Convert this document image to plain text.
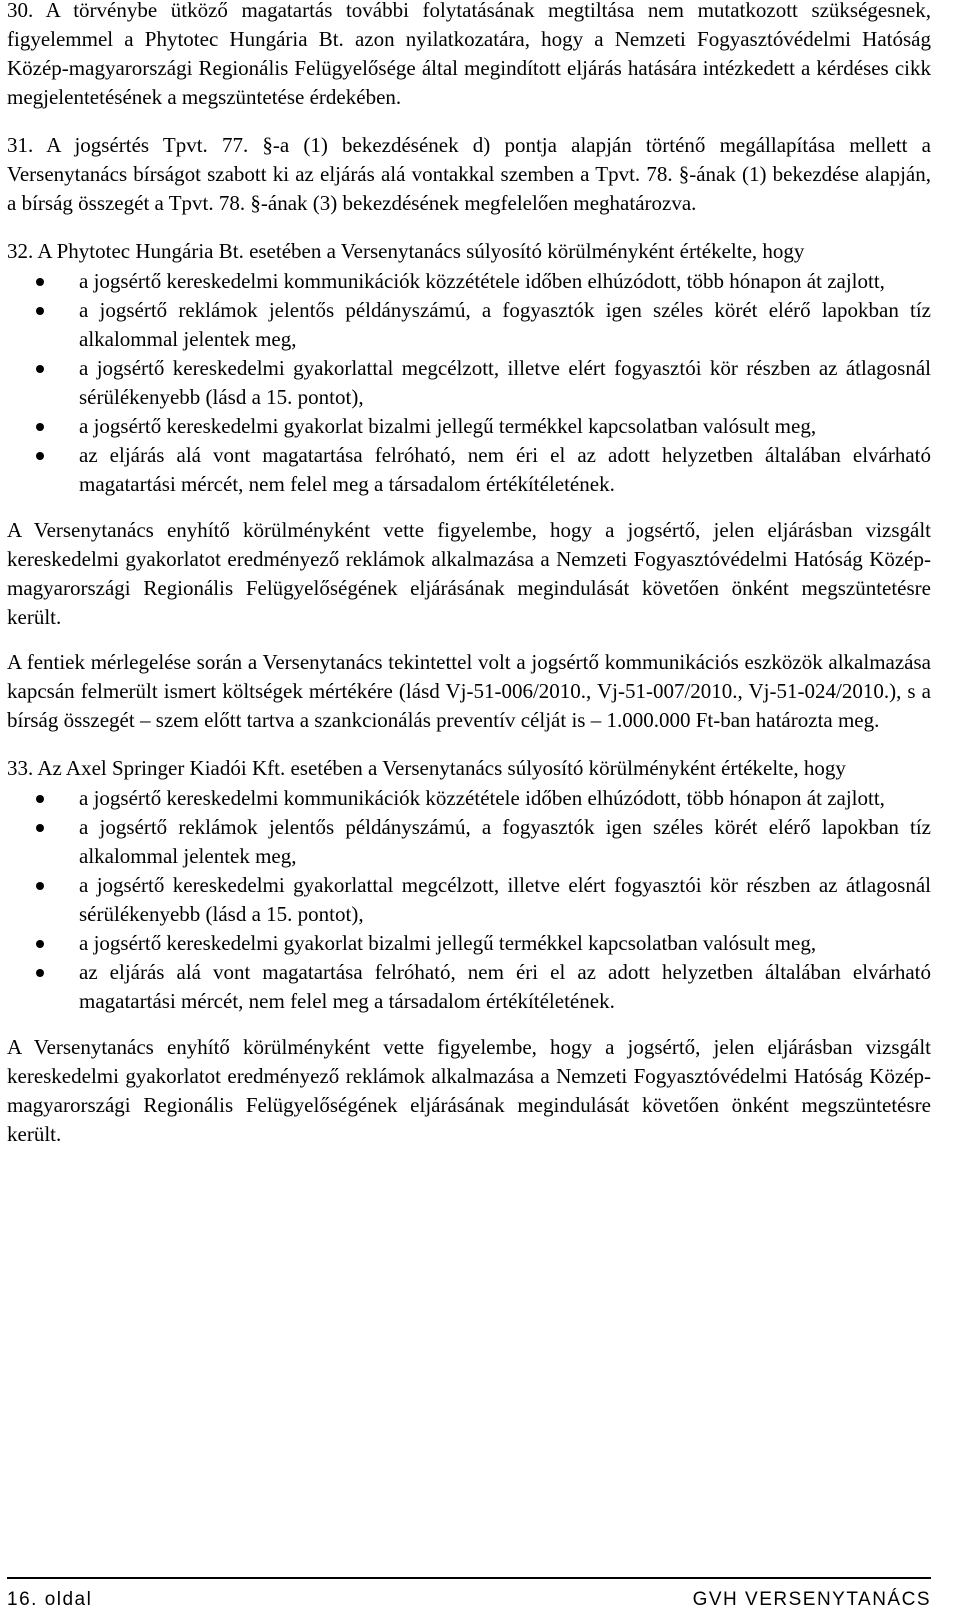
30. A törvénybe ütköző magatartás további folytatásának megtiltása nem mutatkozott szükségesnek, figyelemmel a Phytotec Hungária Bt. azon nyilatkozatára, hogy a Nemzeti Fogyasztóvédelmi Hatóság Közép-magyarországi Regionális Felügyelősége által megindított eljárás hatására intézkedett a kérdéses cikk megjelentetésének a megszüntetése érdekében.

31. A jogsértés Tpvt. 77. §-a (1) bekezdésének d) pontja alapján történő megállapítása mellett a Versenytanács bírságot szabott ki az eljárás alá vontakkal szemben a Tpvt. 78. §-ának (1) bekezdése alapján, a bírság összegét a Tpvt. 78. §-ának (3) bekezdésének megfelelően meghatározva.

32. A Phytotec Hungária Bt. esetében a Versenytanács súlyosító körülményként értékelte, hogy

a jogsértő kereskedelmi kommunikációk közzététele időben elhúzódott, több hónapon át zajlott,
a jogsértő reklámok jelentős példányszámú, a fogyasztók igen széles körét elérő lapokban tíz alkalommal jelentek meg,
a jogsértő kereskedelmi gyakorlattal megcélzott, illetve elért fogyasztói kör részben az átlagosnál sérülékenyebb (lásd a 15. pontot),
a jogsértő kereskedelmi gyakorlat bizalmi jellegű termékkel kapcsolatban valósult meg,
az eljárás alá vont magatartása felróható, nem éri el az adott helyzetben általában elvárható magatartási mércét, nem felel meg a társadalom értékítéletének.

A Versenytanács enyhítő körülményként vette figyelembe, hogy a jogsértő, jelen eljárásban vizsgált kereskedelmi gyakorlatot eredményező reklámok alkalmazása a Nemzeti Fogyasztóvédelmi Hatóság Közép-magyarországi Regionális Felügyelőségének eljárásának megindulását követően önként megszüntetésre került.

A fentiek mérlegelése során a Versenytanács tekintettel volt a jogsértő kommunikációs eszközök alkalmazása kapcsán felmerült ismert költségek mértékére (lásd Vj-51-006/2010., Vj-51-007/2010., Vj-51-024/2010.), s a bírság összegét – szem előtt tartva a szankcionálás preventív célját is – 1.000.000 Ft-ban határozta meg.

33. Az Axel Springer Kiadói Kft. esetében a Versenytanács súlyosító körülményként értékelte, hogy

a jogsértő kereskedelmi kommunikációk közzététele időben elhúzódott, több hónapon át zajlott,
a jogsértő reklámok jelentős példányszámú, a fogyasztók igen széles körét elérő lapokban tíz alkalommal jelentek meg,
a jogsértő kereskedelmi gyakorlattal megcélzott, illetve elért fogyasztói kör részben az átlagosnál sérülékenyebb (lásd a 15. pontot),
a jogsértő kereskedelmi gyakorlat bizalmi jellegű termékkel kapcsolatban valósult meg,
az eljárás alá vont magatartása felróható, nem éri el az adott helyzetben általában elvárható magatartási mércét, nem felel meg a társadalom értékítéletének.

A Versenytanács enyhítő körülményként vette figyelembe, hogy a jogsértő, jelen eljárásban vizsgált kereskedelmi gyakorlatot eredményező reklámok alkalmazása a Nemzeti Fogyasztóvédelmi Hatóság Közép-magyarországi Regionális Felügyelőségének eljárásának megindulását követően önként megszüntetésre került.

16. oldal	GVH VERSENYTANÁCS
